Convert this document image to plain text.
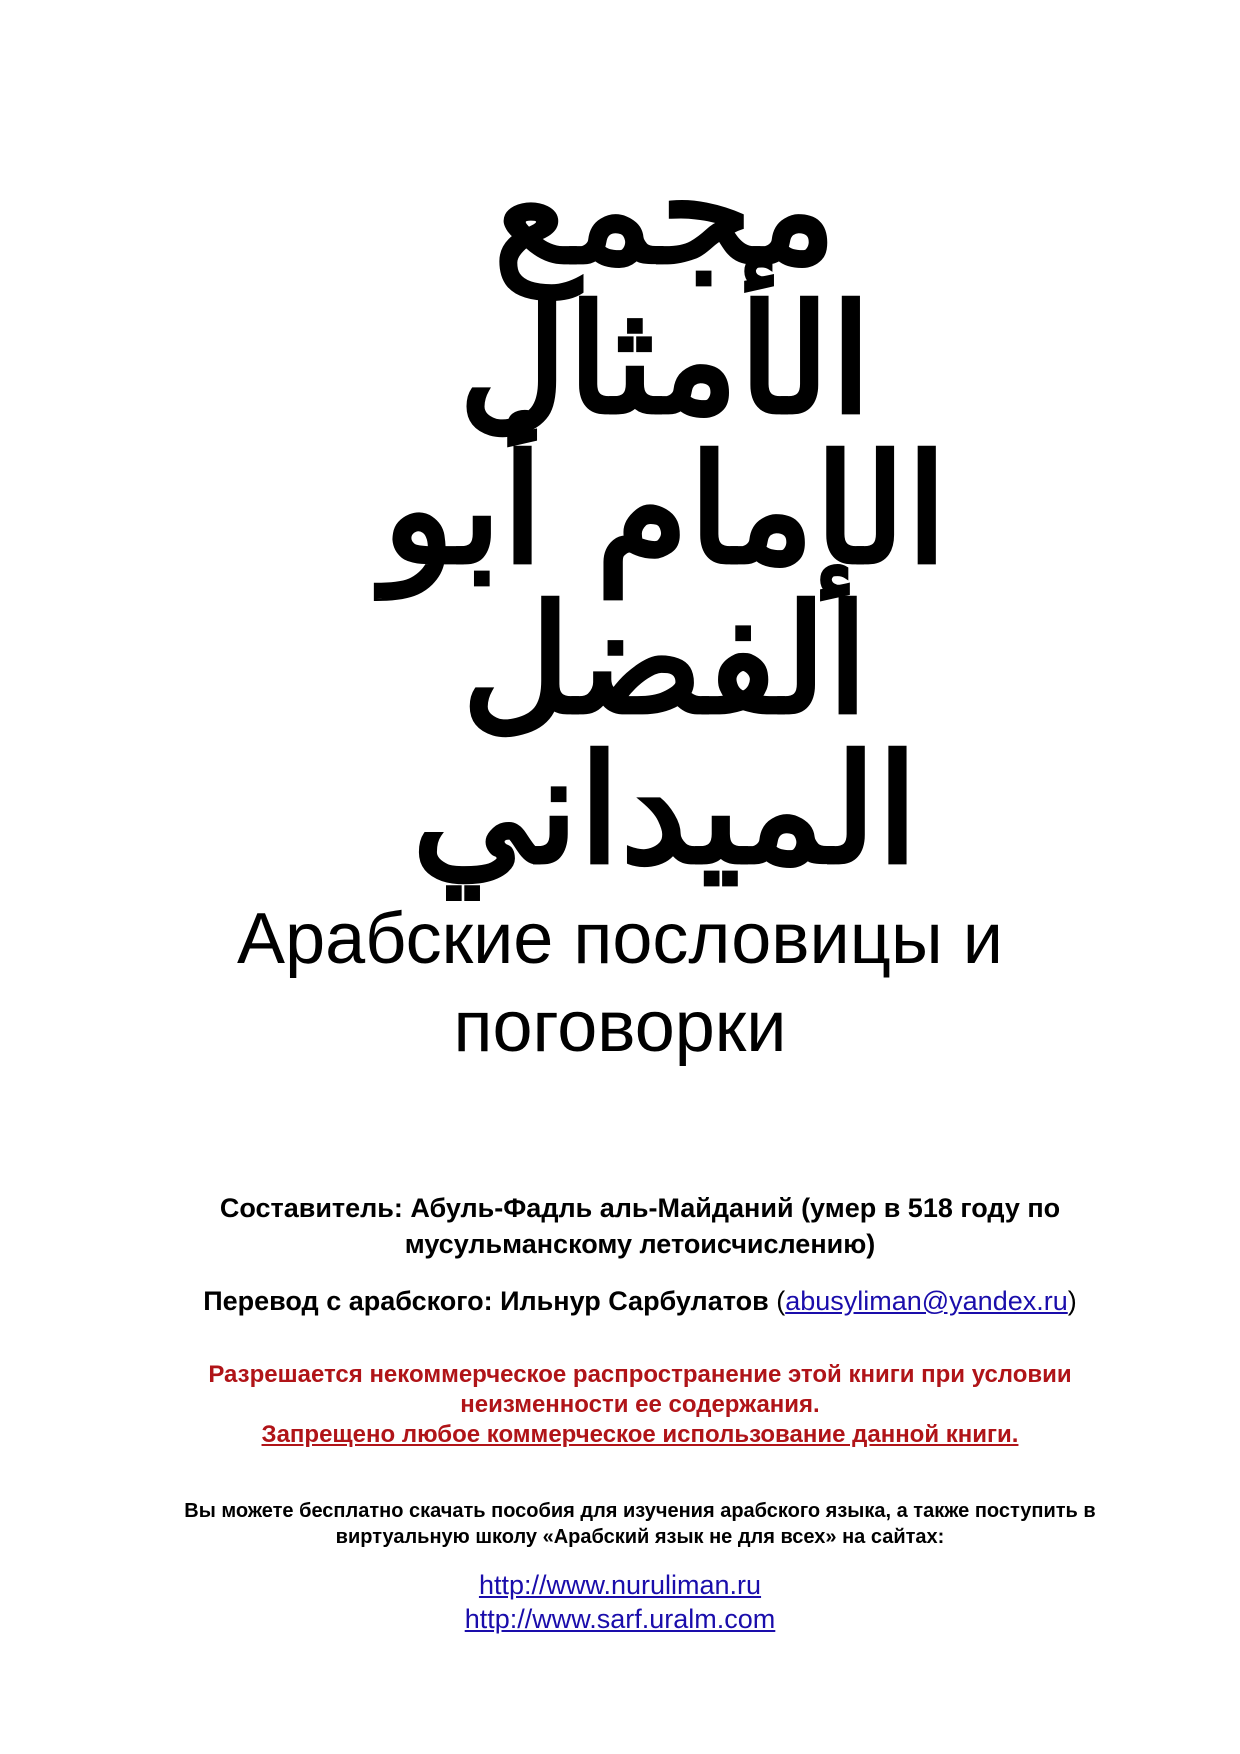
مجمع الأمثال
الإمام أبو الفضل
الميداني
Арабские пословицы и
поговорки
Составитель: Абуль-Фадль аль-Майданий (умер в 518 году по
мусульманскому летоисчислению)
Перевод с арабского: Ильнур Сарбулатов (abusyliman@yandex.ru)
Разрешается некоммерческое распространение этой книги при условии
неизменности ее содержания.
Запрещено любое коммерческое использование данной книги.
Вы можете бесплатно скачать пособия для изучения арабского языка, а также поступить в
виртуальную школу «Арабский язык не для всех» на сайтах:
http://www.nuruliman.ru
http://www.sarf.uralm.com
